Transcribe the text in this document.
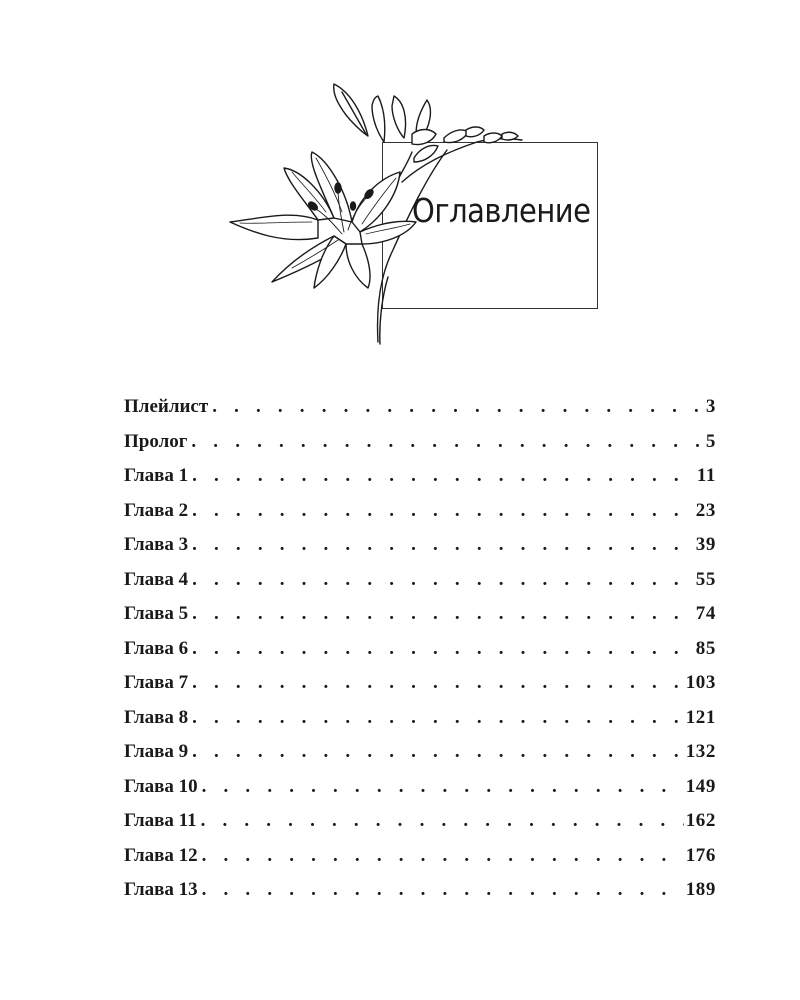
Оглавление
Плейлист . . .	3
Пролог . . .	5
Глава 1 . . .	11
Глава 2 . . .	23
Глава 3 . . .	39
Глава 4 . . .	55
Глава 5 . . .	74
Глава 6 . . .	85
Глава 7 . . .	103
Глава 8 . . .	121
Глава 9 . . .	132
Глава 10 . . .	149
Глава 11 . . .	162
Глава 12 . . .	176
Глава 13 . . .	189
